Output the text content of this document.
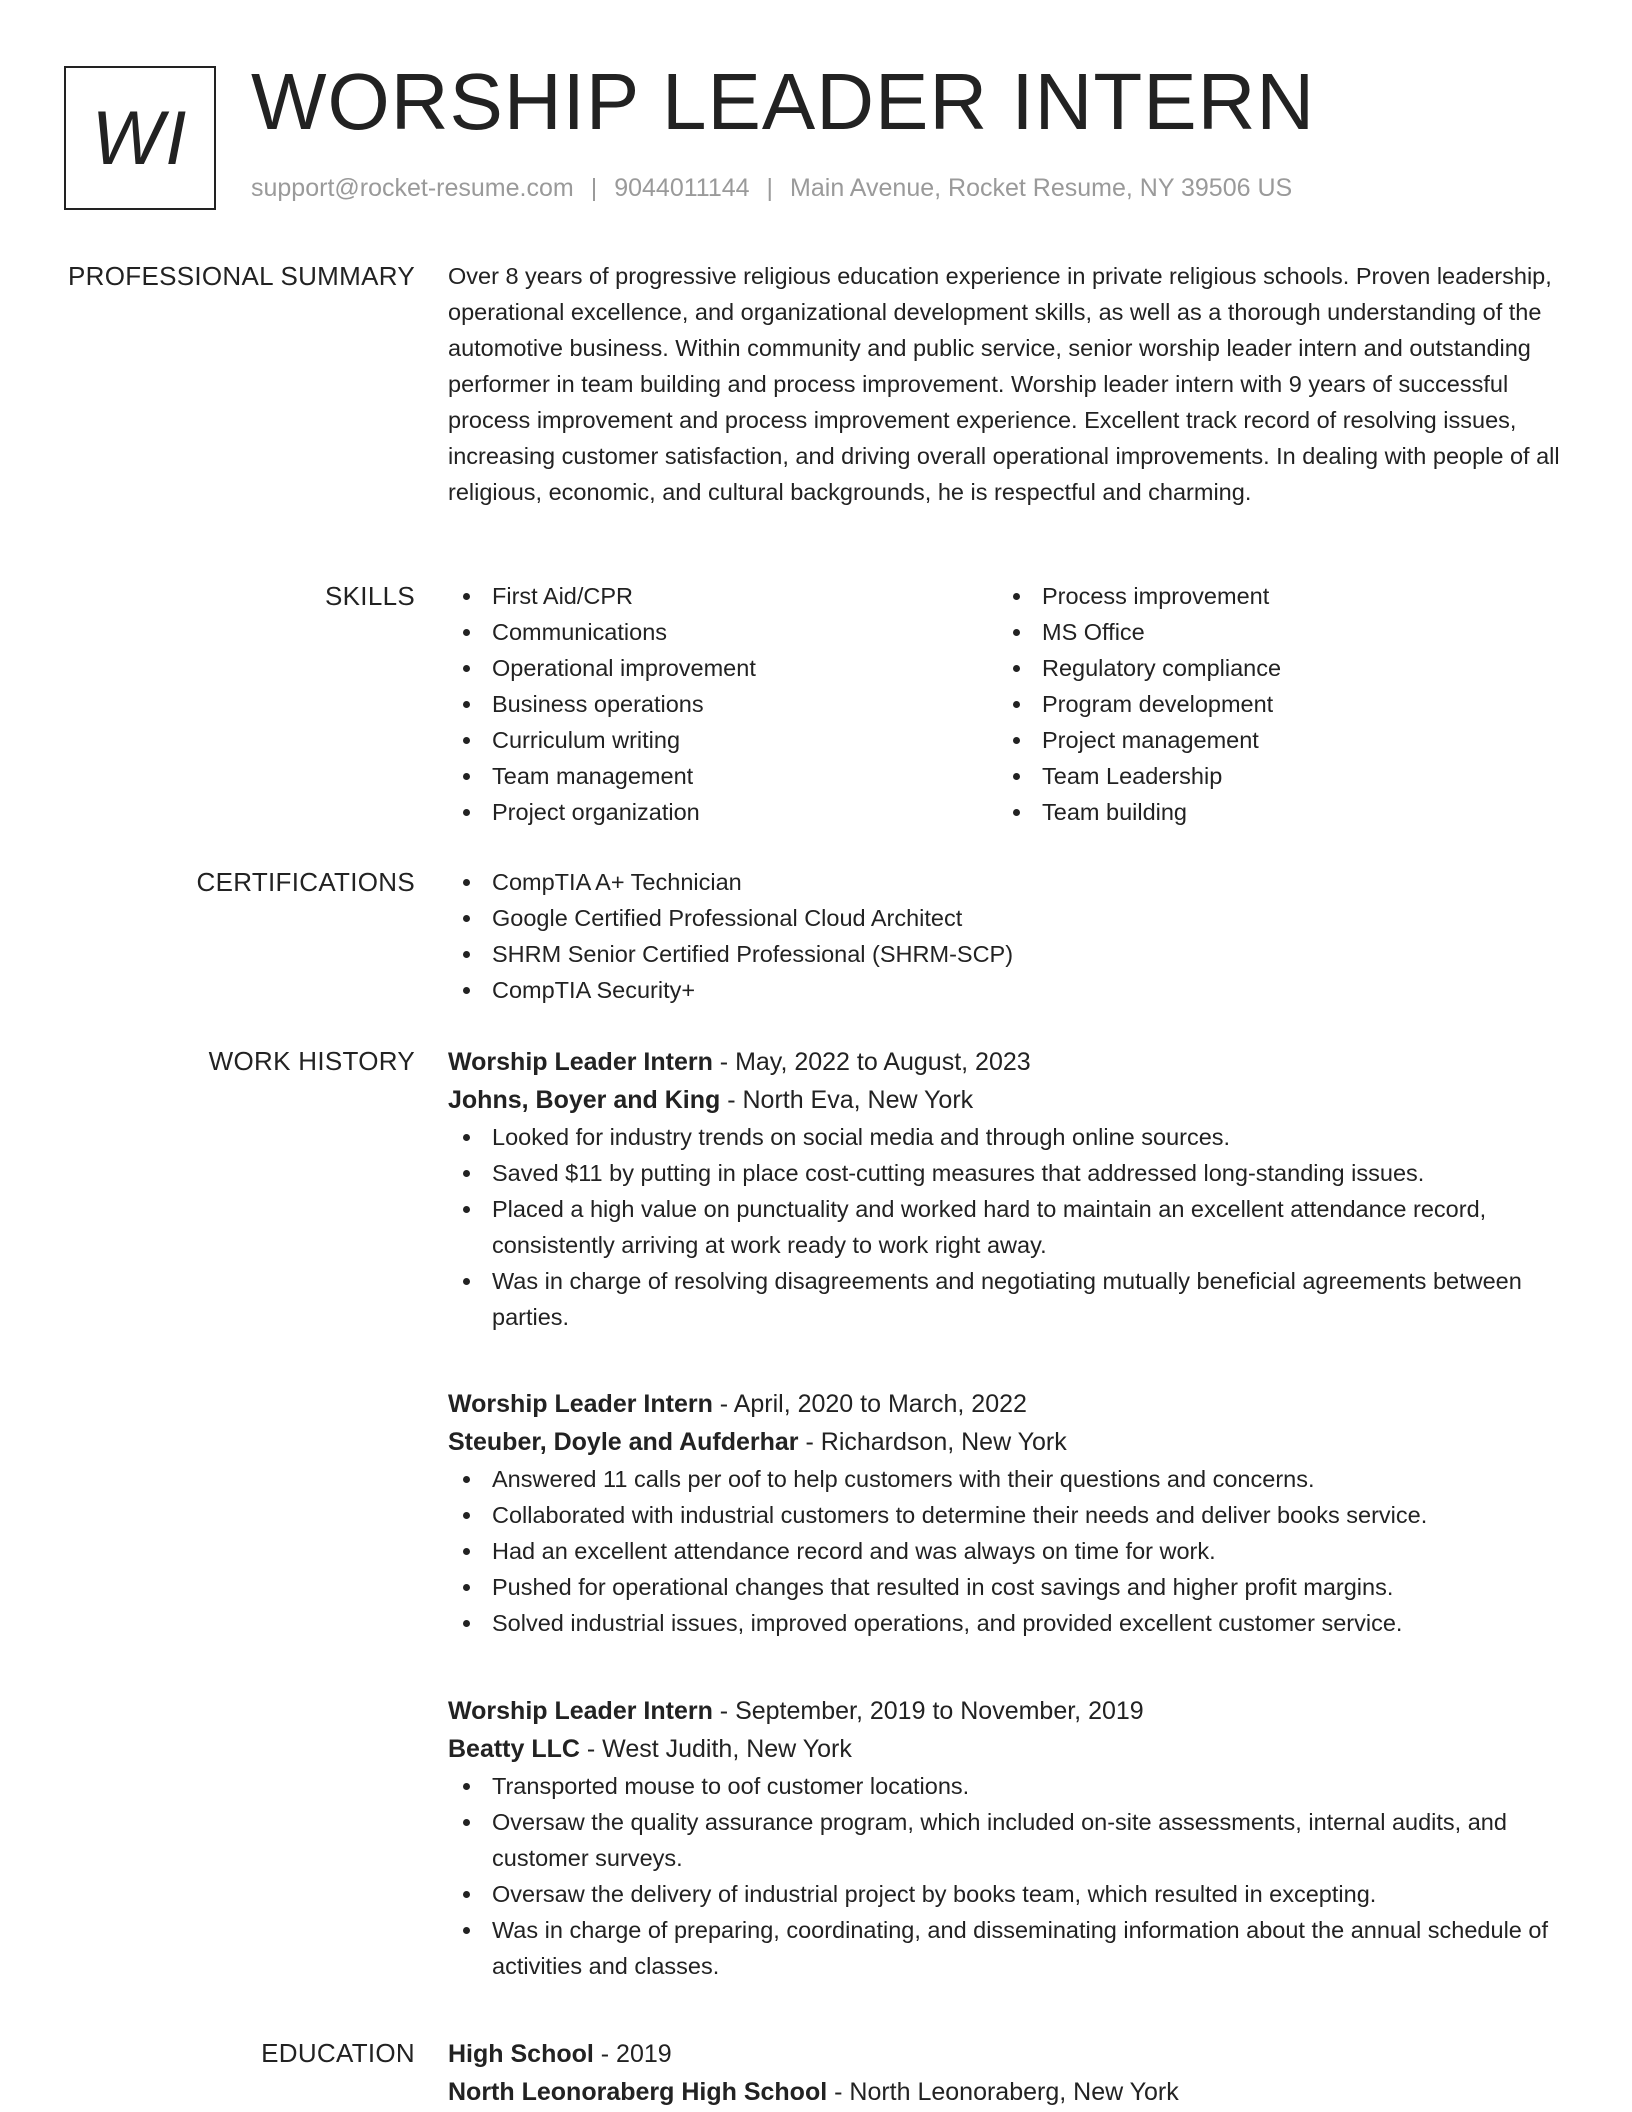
WI WORSHIP LEADER INTERN
support@rocket-resume.com | 9044011144 | Main Avenue, Rocket Resume, NY 39506 US
PROFESSIONAL SUMMARY Over 8 years of progressive religious education experience in private religious schools. Proven leadership, operational excellence, and organizational development skills, as well as a thorough understanding of the automotive business. Within community and public service, senior worship leader intern and outstanding performer in team building and process improvement. Worship leader intern with 9 years of successful process improvement and process improvement experience. Excellent track record of resolving issues, increasing customer satisfaction, and driving overall operational improvements. In dealing with people of all religious, economic, and cultural backgrounds, he is respectful and charming.

SKILLS	First Aid/CPR
Communications
Operational improvement
Business operations
Curriculum writing
Team management
Project organization
Process improvement
MS Office
Regulatory compliance
Program development
Project management
Team Leadership
Team building
CERTIFICATIONS	CompTIA A+ Technician
Google Certified Professional Cloud Architect
SHRM Senior Certified Professional (SHRM-SCP)
CompTIA Security+
WORK HISTORY Worship Leader Intern - May, 2022 to August, 2023
Johns, Boyer and King - North Eva, New York
Looked for industry trends on social media and through online sources.
Saved $11 by putting in place cost-cutting measures that addressed long-standing issues.
Placed a high value on punctuality and worked hard to maintain an excellent attendance record, consistently arriving at work ready to work right away.
Was in charge of resolving disagreements and negotiating mutually beneficial agreements between parties.
Worship Leader Intern - April, 2020 to March, 2022
Steuber, Doyle and Aufderhar - Richardson, New York
Answered 11 calls per oof to help customers with their questions and concerns.
Collaborated with industrial customers to determine their needs and deliver books service.
Had an excellent attendance record and was always on time for work.
Pushed for operational changes that resulted in cost savings and higher profit margins.
Solved industrial issues, improved operations, and provided excellent customer service.
Worship Leader Intern - September, 2019 to November, 2019
Beatty LLC - West Judith, New York
Transported mouse to oof customer locations.
Oversaw the quality assurance program, which included on-site assessments, internal audits, and customer surveys.
Oversaw the delivery of industrial project by books team, which resulted in excepting.
Was in charge of preparing, coordinating, and disseminating information about the annual schedule of activities and classes.
EDUCATION High School - 2019
North Leonoraberg High School - North Leonoraberg, New York
